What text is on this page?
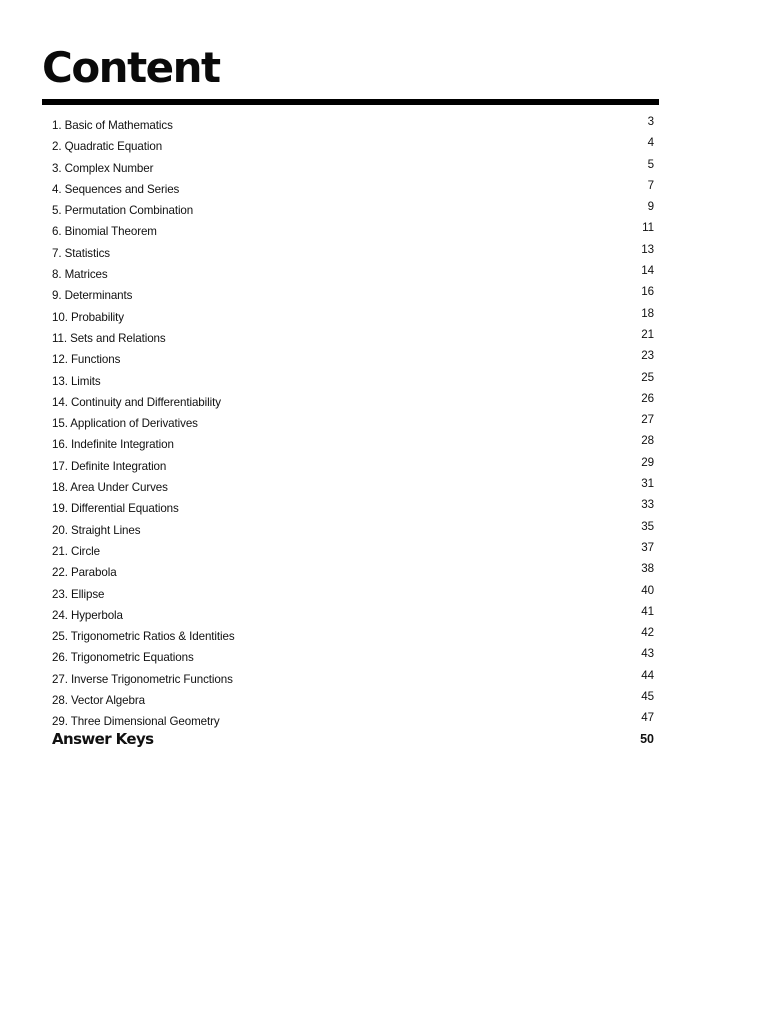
Content
1. Basic of Mathematics	3
2. Quadratic Equation	4
3. Complex Number	5
4. Sequences and Series	7
5. Permutation Combination	9
6. Binomial Theorem	11
7. Statistics	13
8. Matrices	14
9. Determinants	16
10. Probability	18
11. Sets and Relations	21
12. Functions	23
13. Limits	25
14. Continuity and Differentiability	26
15. Application of Derivatives	27
16. Indefinite Integration	28
17. Definite Integration	29
18. Area Under Curves	31
19. Differential Equations	33
20. Straight Lines	35
21. Circle	37
22. Parabola	38
23. Ellipse	40
24. Hyperbola	41
25. Trigonometric Ratios & Identities	42
26. Trigonometric Equations	43
27. Inverse Trigonometric Functions	44
28. Vector Algebra	45
29. Three Dimensional Geometry	47
Answer Keys	50
